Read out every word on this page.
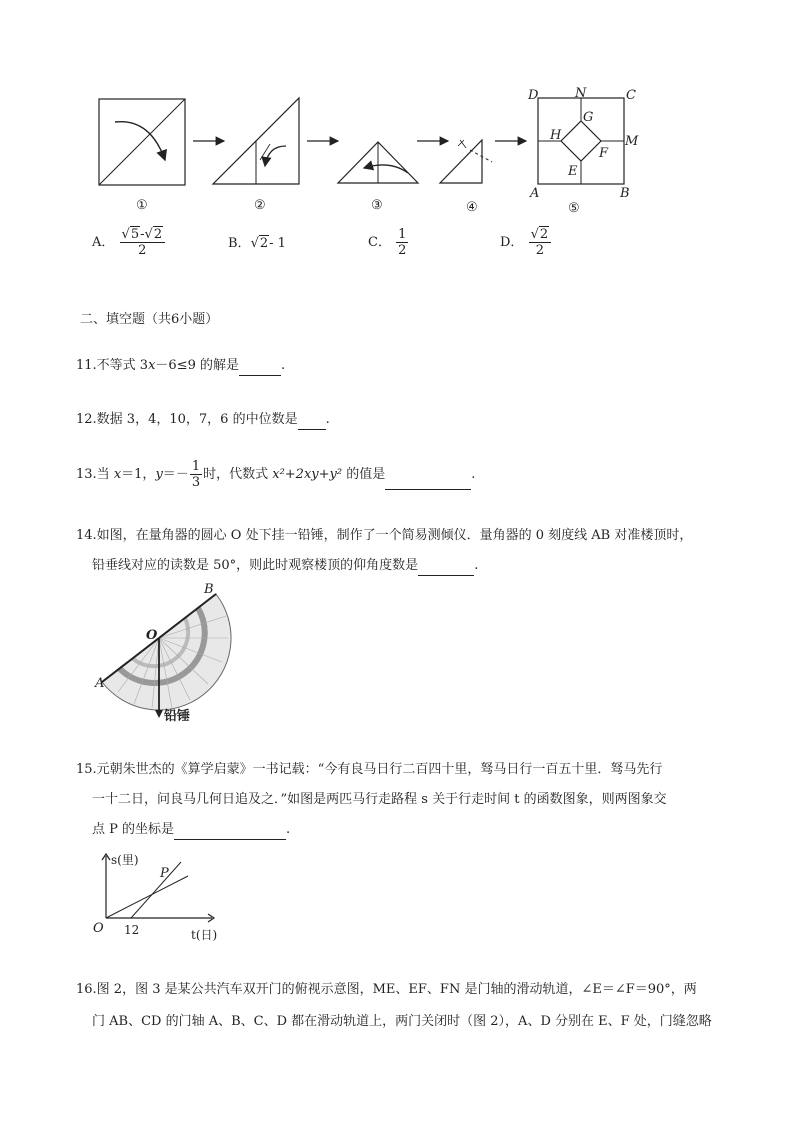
D	N	C
G
H	M
F
E
A	B
①	②	③	④	⑤
A． $\frac{√5-√2}{2}$	B．√2- 1	C． $\frac{1}{2}$	D． $\frac{√2}{2}$
二、填空题（共6小题）
11.不等式 3x－6≤9 的解是	.
12.数据 3，4，10，7，6 的中位数是 .
13.当 x＝1，$y=- \frac{1}{3}$ 时，代数式 x²+2xy+y² 的值是	.
14.如图，在量角器的圆心 O 处下挂一铅锤，制作了一个简易测倾仪．量角器的 0 刻度线 AB 对准楼顶时，
铅垂线对应的读数是 50°，则此时观察楼顶的仰角度数是	.
O
A
B
铅锤
15.元朝朱世杰的《算学启蒙》一书记载：“今有良马日行二百四十里，驽马日行一百五十里．驽马先行
一十二日，问良马几何日追及之．”如图是两匹马行走路程 s 关于行走时间 t 的函数图象，则两图象交
点 P 的坐标是	.
s(里)
t(日)
O 12
P
16.图 2，图 3 是某公共汽车双开门的俯视示意图，ME、EF、FN 是门轴的滑动轨道，∠E＝∠F＝90°，两
门 AB、CD 的门轴 A、B、C、D 都在滑动轨道上，两门关闭时（图 2），A、D 分别在 E、F 处，门缝忽略
